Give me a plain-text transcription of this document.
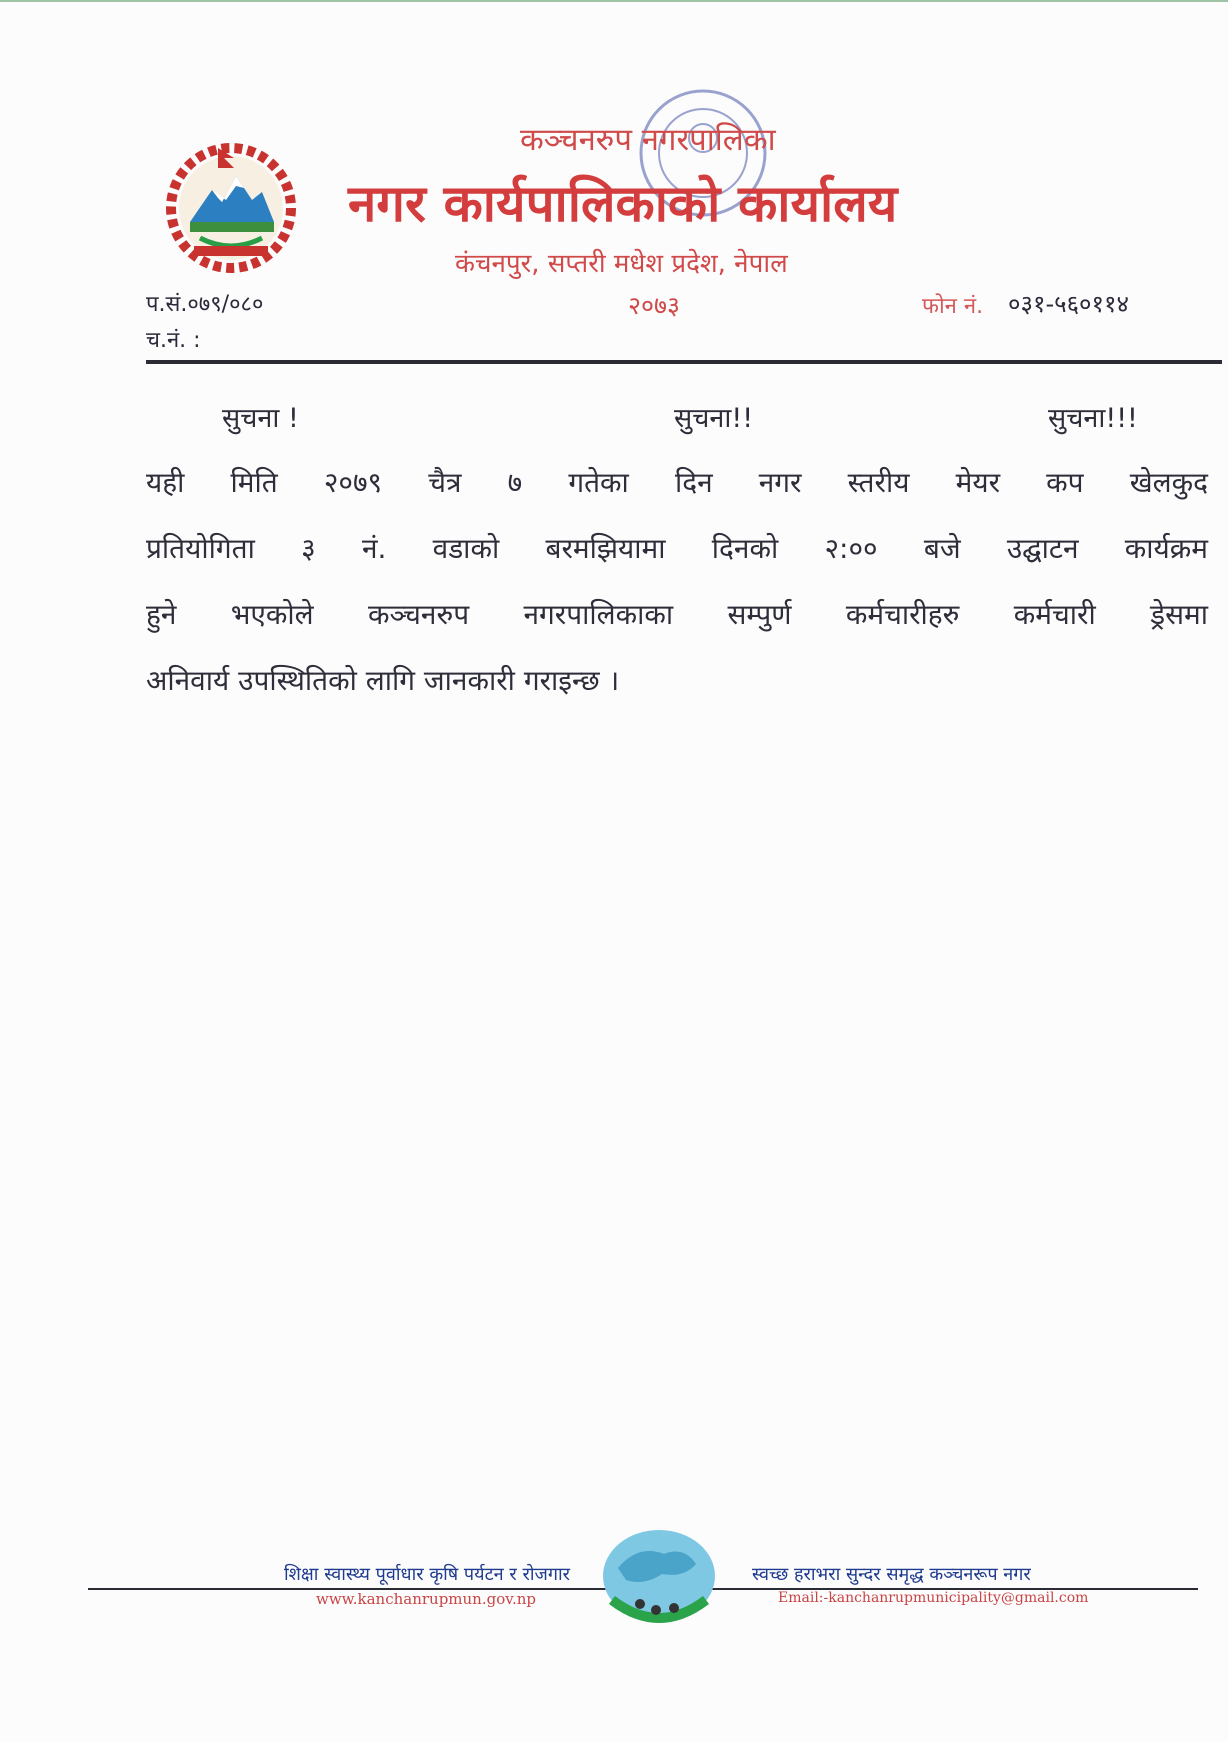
कञ्चनरुप नगरपालिका
नगर कार्यपालिकाको कार्यालय
कंचनपुर, सप्तरी मधेश प्रदेश, नेपाल
२०७३	फोन नं. ०३१-५६०११४
प.सं.०७९/०८०
च.नं. :
सुचना !	सुचना!!	सुचना!!!
यही मिति २०७९ चैत्र ७ गतेका दिन नगर स्तरीय मेयर कप खेलकुद
प्रतियोगिता ३ नं. वडाको बरमझियामा दिनको २:०० बजे उद्घाटन कार्यक्रम
हुने भएकोले कञ्चनरुप नगरपालिकाका सम्पुर्ण कर्मचारीहरु कर्मचारी ड्रेसमा
अनिवार्य उपस्थितिको लागि जानकारी गराइन्छ ।
शिक्षा स्वास्थ्य पूर्वाधार कृषि पर्यटन र रोजगार	स्वच्छ हराभरा सुन्दर समृद्ध कञ्चनरूप नगर
www.kanchanrupmun.gov.np	Email:-kanchanrupmunicipality@gmail.com
